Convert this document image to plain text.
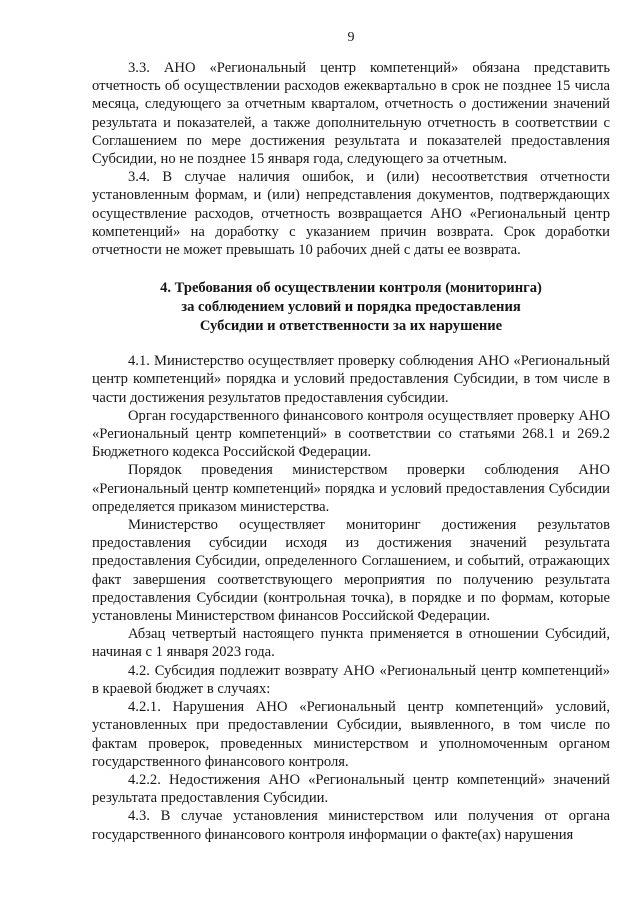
9

3.3. АНО «Региональный центр компетенций» обязана представить отчетность об осуществлении расходов ежеквартально в срок не позднее 15 числа месяца, следующего за отчетным кварталом, отчетность о достижении значений результата и показателей, а также дополнительную отчетность в соответствии с Соглашением по мере достижения результата и показателей предоставления Субсидии, но не позднее 15 января года, следующего за отчетным.

3.4. В случае наличия ошибок, и (или) несоответствия отчетности установленным формам, и (или) непредставления документов, подтверждающих осуществление расходов, отчетность возвращается АНО «Региональный центр компетенций» на доработку с указанием причин возврата. Срок доработки отчетности не может превышать 10 рабочих дней с даты ее возврата.

4. Требования об осуществлении контроля (мониторинга)
за соблюдением условий и порядка предоставления
Субсидии и ответственности за их нарушение

4.1. Министерство осуществляет проверку соблюдения АНО «Региональный центр компетенций» порядка и условий предоставления Субсидии, в том числе в части достижения результатов предоставления субсидии.

Орган государственного финансового контроля осуществляет проверку АНО «Региональный центр компетенций» в соответствии со статьями 268.1 и 269.2 Бюджетного кодекса Российской Федерации.

Порядок проведения министерством проверки соблюдения АНО «Региональный центр компетенций» порядка и условий предоставления Субсидии определяется приказом министерства.

Министерство осуществляет мониторинг достижения результатов предоставления субсидии исходя из достижения значений результата предоставления Субсидии, определенного Соглашением, и событий, отражающих факт завершения соответствующего мероприятия по получению результата предоставления Субсидии (контрольная точка), в порядке и по формам, которые установлены Министерством финансов Российской Федерации.

Абзац четвертый настоящего пункта применяется в отношении Субсидий, начиная с 1 января 2023 года.

4.2. Субсидия подлежит возврату АНО «Региональный центр компетенций» в краевой бюджет в случаях:

4.2.1. Нарушения АНО «Региональный центр компетенций» условий, установленных при предоставлении Субсидии, выявленного, в том числе по фактам проверок, проведенных министерством и уполномоченным органом государственного финансового контроля.

4.2.2. Недостижения АНО «Региональный центр компетенций» значений результата предоставления Субсидии.

4.3. В случае установления министерством или получения от органа государственного финансового контроля информации о факте(ах) нарушения
